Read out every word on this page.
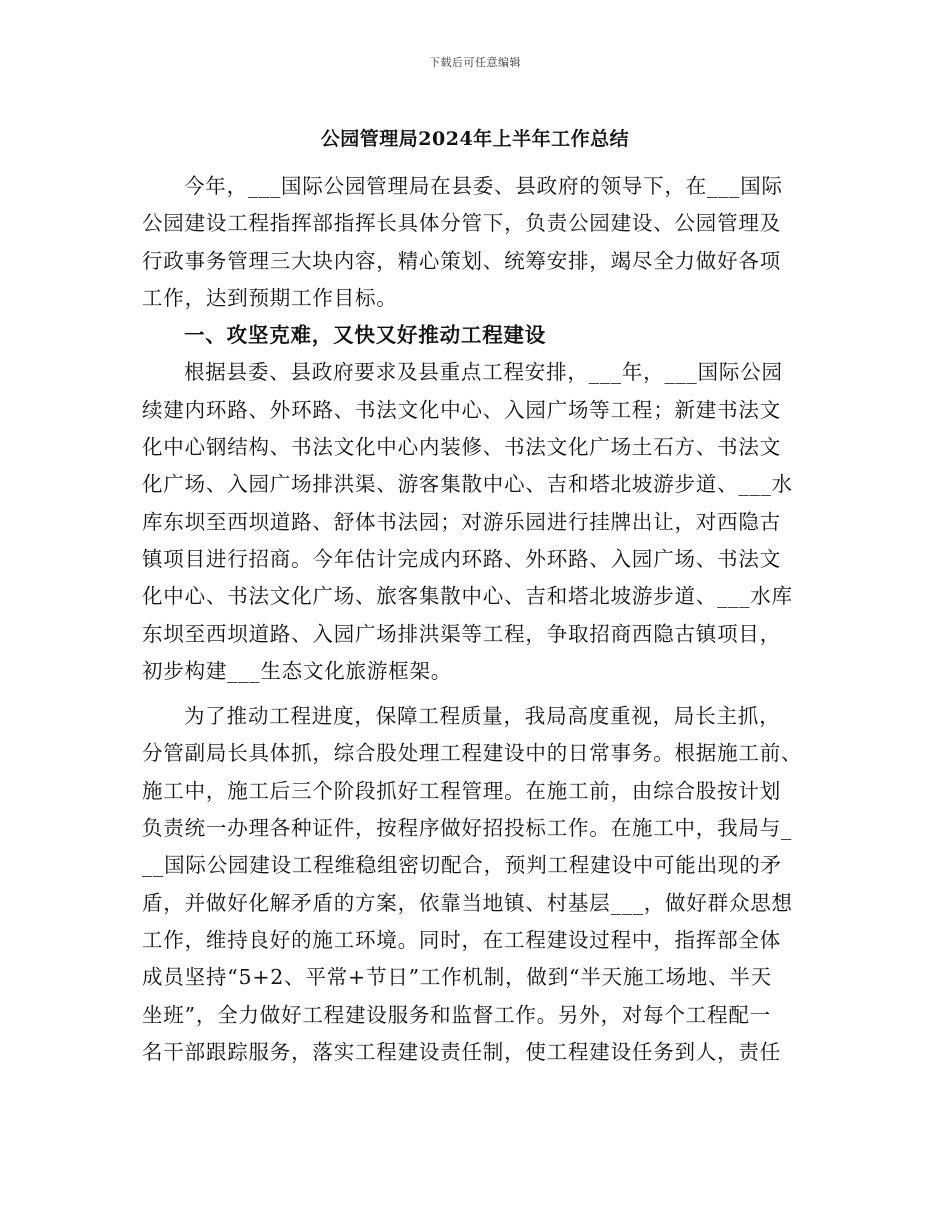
下载后可任意编辑
公园管理局2024年上半年工作总结
今年，___国际公园管理局在县委、县政府的领导下，在___国际
公园建设工程指挥部指挥长具体分管下，负责公园建设、公园管理及
行政事务管理三大块内容，精心策划、统筹安排，竭尽全力做好各项
工作，达到预期工作目标。
一、攻坚克难，又快又好推动工程建设
根据县委、县政府要求及县重点工程安排，___年，___国际公园
续建内环路、外环路、书法文化中心、入园广场等工程；新建书法文
化中心钢结构、书法文化中心内装修、书法文化广场土石方、书法文
化广场、入园广场排洪渠、游客集散中心、吉和塔北坡游步道、___水
库东坝至西坝道路、舒体书法园；对游乐园进行挂牌出让，对西隐古
镇项目进行招商。今年估计完成内环路、外环路、入园广场、书法文
化中心、书法文化广场、旅客集散中心、吉和塔北坡游步道、___水库
东坝至西坝道路、入园广场排洪渠等工程，争取招商西隐古镇项目，
初步构建___生态文化旅游框架。
为了推动工程进度，保障工程质量，我局高度重视，局长主抓，
分管副局长具体抓，综合股处理工程建设中的日常事务。根据施工前、
施工中，施工后三个阶段抓好工程管理。在施工前，由综合股按计划
负责统一办理各种证件，按程序做好招投标工作。在施工中，我局与_
__国际公园建设工程维稳组密切配合，预判工程建设中可能出现的矛
盾，并做好化解矛盾的方案，依靠当地镇、村基层___，做好群众思想
工作，维持良好的施工环境。同时，在工程建设过程中，指挥部全体
成员坚持“5+2、平常+节日”工作机制，做到“半天施工场地、半天
坐班”，全力做好工程建设服务和监督工作。另外，对每个工程配一
名干部跟踪服务，落实工程建设责任制，使工程建设任务到人，责任
